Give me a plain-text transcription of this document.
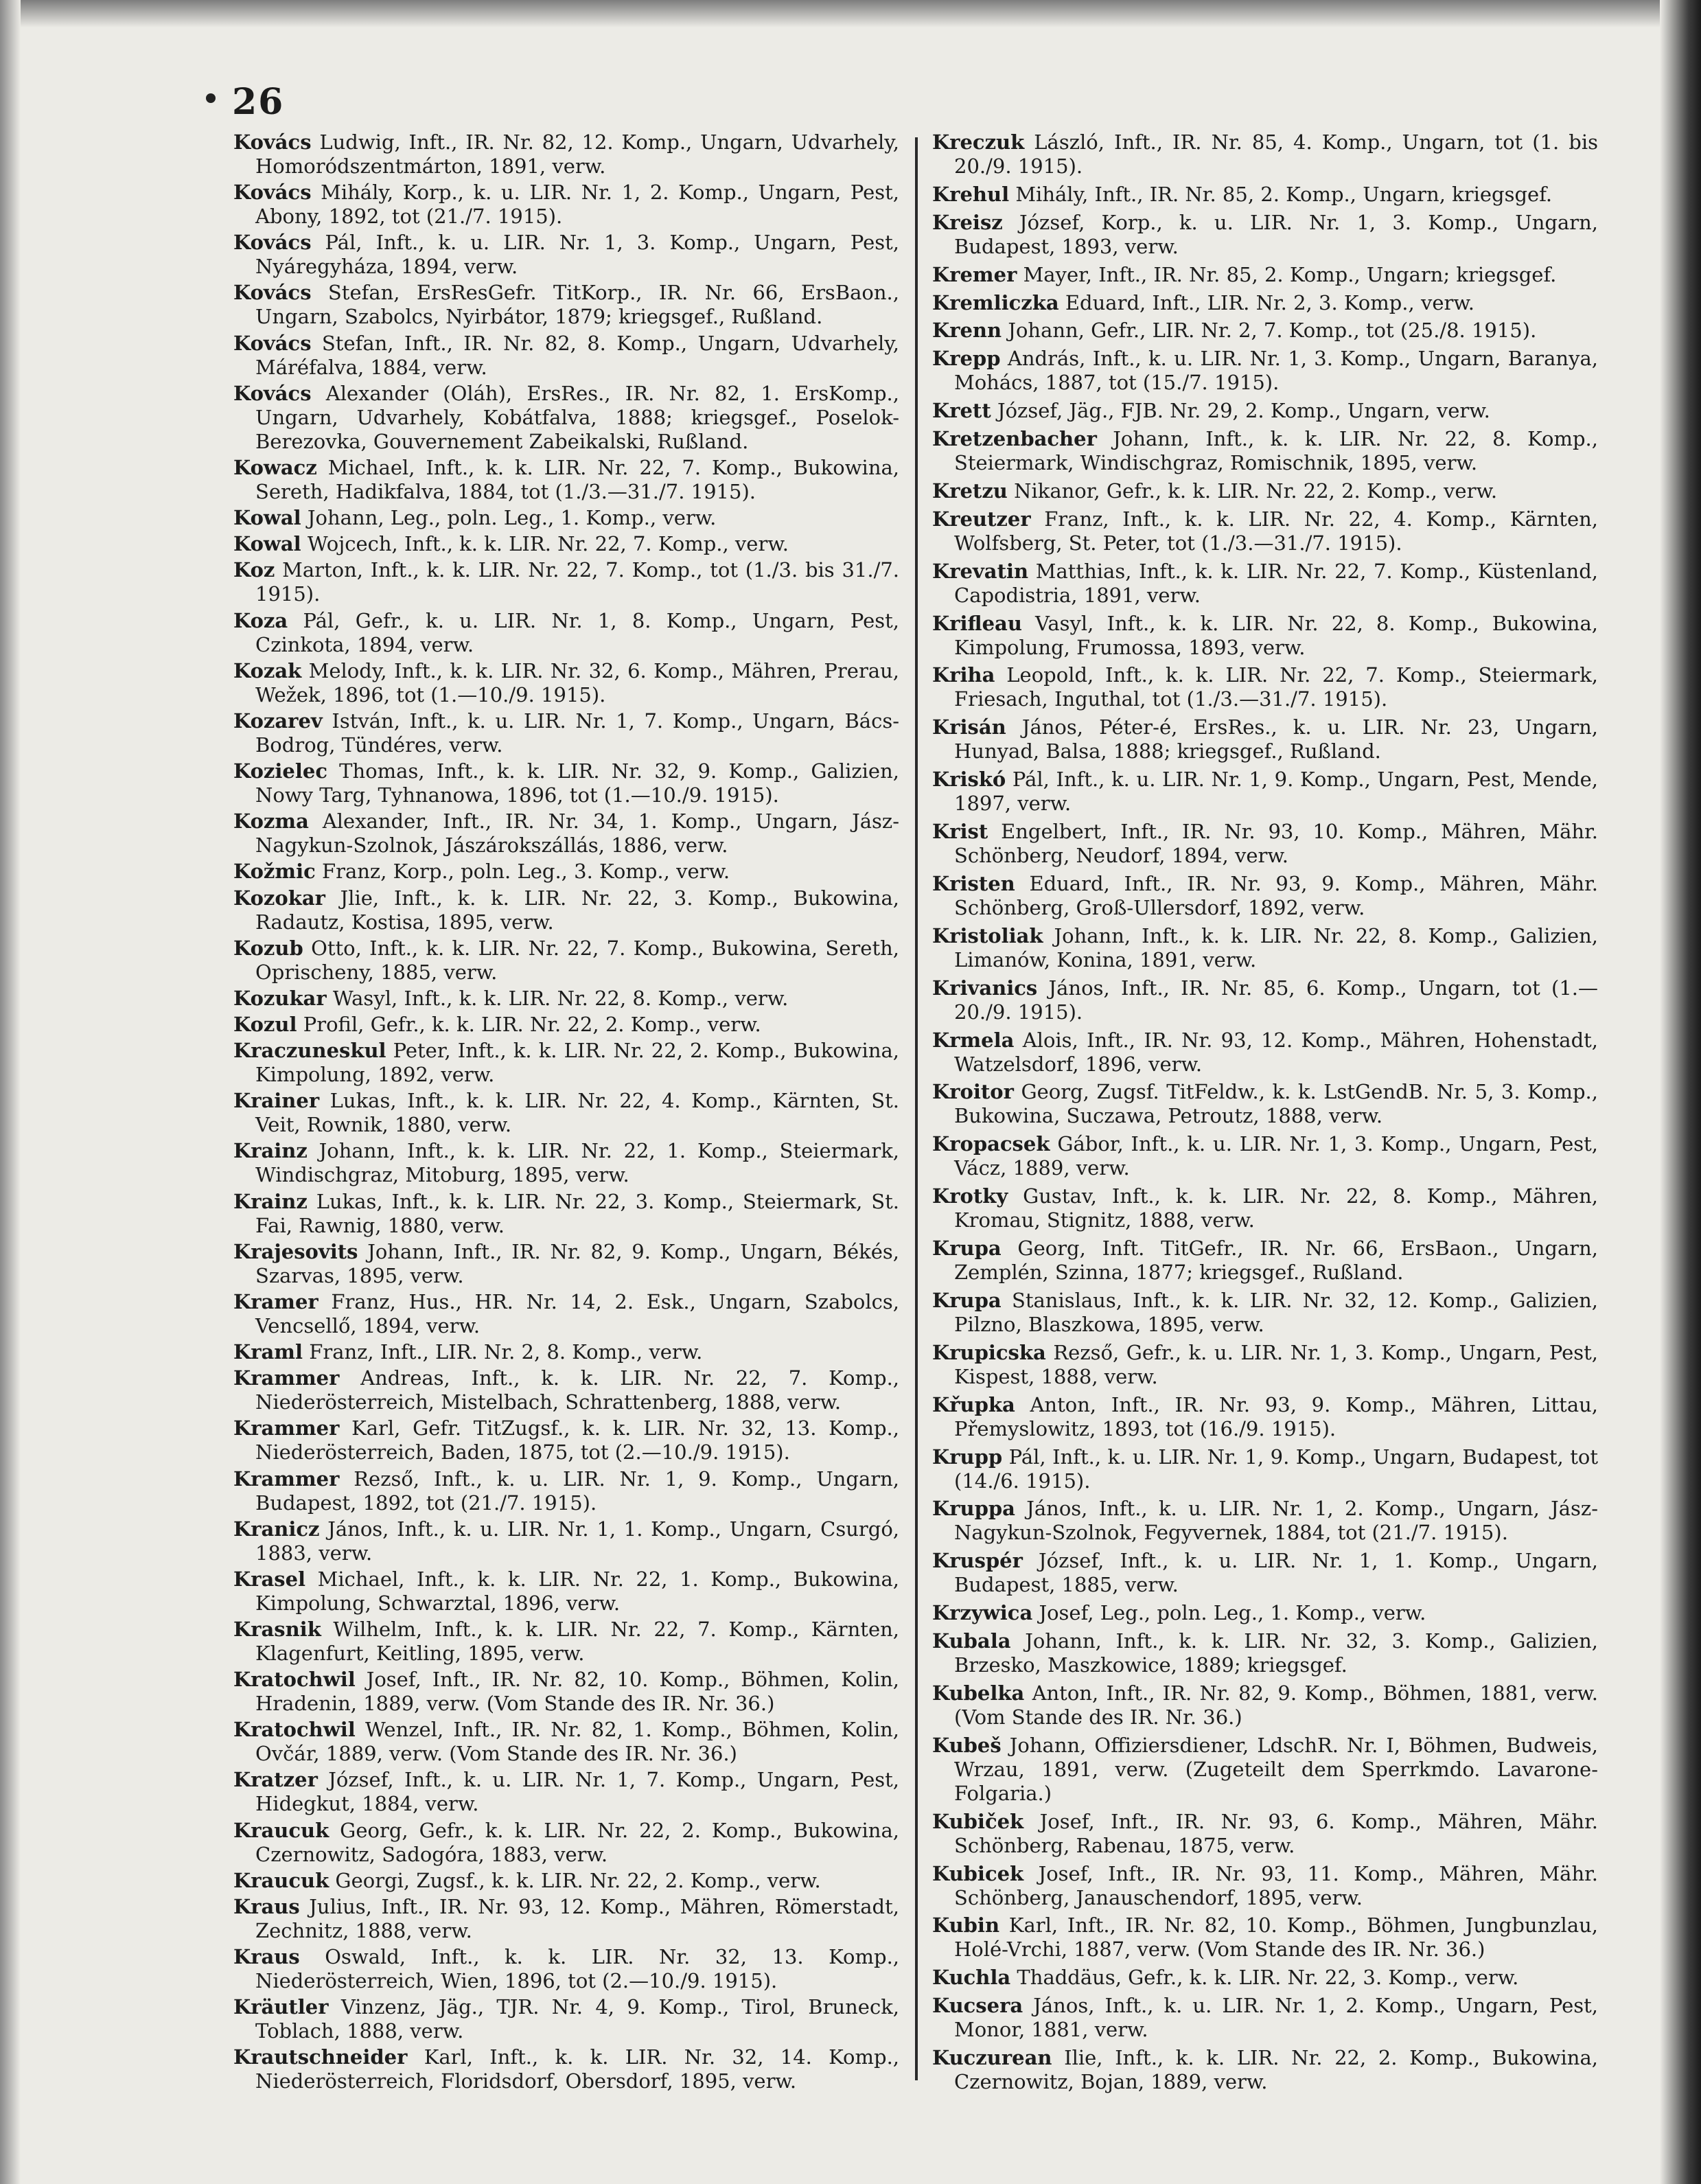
26
Kovács Ludwig, Inft., IR. Nr. 82, 12. Komp., Ungarn, Udvarhely, Homoródszentmárton, 1891, verw.
Kovács Mihály, Korp., k. u. LIR. Nr. 1, 2. Komp., Ungarn, Pest, Abony, 1892, tot (21./7. 1915).
Kovács Pál, Inft., k. u. LIR. Nr. 1, 3. Komp., Ungarn, Pest, Nyáregyháza, 1894, verw.
Kovács Stefan, ErsResGefr. TitKorp., IR. Nr. 66, ErsBaon., Ungarn, Szabolcs, Nyirbátor, 1879; kriegsgef., Rußland.
Kovács Stefan, Inft., IR. Nr. 82, 8. Komp., Ungarn, Udvarhely, Máréfalva, 1884, verw.
Kovács Alexander (Oláh), ErsRes., IR. Nr. 82, 1. ErsKomp., Ungarn, Udvarhely, Kobátfalva, 1888; kriegsgef., Poselok-Berezovka, Gouvernement Zabeikalski, Rußland.
Kowacz Michael, Inft., k. k. LIR. Nr. 22, 7. Komp., Bukowina, Sereth, Hadikfalva, 1884, tot (1./3.—31./7. 1915).
Kowal Johann, Leg., poln. Leg., 1. Komp., verw.
Kowal Wojcech, Inft., k. k. LIR. Nr. 22, 7. Komp., verw.
Koz Marton, Inft., k. k. LIR. Nr. 22, 7. Komp., tot (1./3. bis 31./7. 1915).
Koza Pál, Gefr., k. u. LIR. Nr. 1, 8. Komp., Ungarn, Pest, Czinkota, 1894, verw.
Kozak Melody, Inft., k. k. LIR. Nr. 32, 6. Komp., Mähren, Prerau, Wežek, 1896, tot (1.—10./9. 1915).
Kozarev István, Inft., k. u. LIR. Nr. 1, 7. Komp., Ungarn, Bács-Bodrog, Tündéres, verw.
Kozielec Thomas, Inft., k. k. LIR. Nr. 32, 9. Komp., Galizien, Nowy Targ, Tyhnanowa, 1896, tot (1.—10./9. 1915).
Kozma Alexander, Inft., IR. Nr. 34, 1. Komp., Ungarn, Jász-Nagykun-Szolnok, Jászárokszállás, 1886, verw.
Kožmic Franz, Korp., poln. Leg., 3. Komp., verw.
Kozokar Jlie, Inft., k. k. LIR. Nr. 22, 3. Komp., Bukowina, Radautz, Kostisa, 1895, verw.
Kozub Otto, Inft., k. k. LIR. Nr. 22, 7. Komp., Bukowina, Sereth, Oprischeny, 1885, verw.
Kozukar Wasyl, Inft., k. k. LIR. Nr. 22, 8. Komp., verw.
Kozul Profil, Gefr., k. k. LIR. Nr. 22, 2. Komp., verw.
Kraczuneskul Peter, Inft., k. k. LIR. Nr. 22, 2. Komp., Bukowina, Kimpolung, 1892, verw.
Krainer Lukas, Inft., k. k. LIR. Nr. 22, 4. Komp., Kärnten, St. Veit, Rownik, 1880, verw.
Krainz Johann, Inft., k. k. LIR. Nr. 22, 1. Komp., Steiermark, Windischgraz, Mitoburg, 1895, verw.
Krainz Lukas, Inft., k. k. LIR. Nr. 22, 3. Komp., Steiermark, St. Fai, Rawnig, 1880, verw.
Krajesovits Johann, Inft., IR. Nr. 82, 9. Komp., Ungarn, Békés, Szarvas, 1895, verw.
Kramer Franz, Hus., HR. Nr. 14, 2. Esk., Ungarn, Szabolcs, Vencsellő, 1894, verw.
Kraml Franz, Inft., LIR. Nr. 2, 8. Komp., verw.
Krammer Andreas, Inft., k. k. LIR. Nr. 22, 7. Komp., Niederösterreich, Mistelbach, Schrattenberg, 1888, verw.
Krammer Karl, Gefr. TitZugsf., k. k. LIR. Nr. 32, 13. Komp., Niederösterreich, Baden, 1875, tot (2.—10./9. 1915).
Krammer Rezső, Inft., k. u. LIR. Nr. 1, 9. Komp., Ungarn, Budapest, 1892, tot (21./7. 1915).
Kranicz János, Inft., k. u. LIR. Nr. 1, 1. Komp., Ungarn, Csurgó, 1883, verw.
Krasel Michael, Inft., k. k. LIR. Nr. 22, 1. Komp., Bukowina, Kimpolung, Schwarztal, 1896, verw.
Krasnik Wilhelm, Inft., k. k. LIR. Nr. 22, 7. Komp., Kärnten, Klagenfurt, Keitling, 1895, verw.
Kratochwil Josef, Inft., IR. Nr. 82, 10. Komp., Böhmen, Kolin, Hradenin, 1889, verw. (Vom Stande des IR. Nr. 36.)
Kratochwil Wenzel, Inft., IR. Nr. 82, 1. Komp., Böhmen, Kolin, Ovčár, 1889, verw. (Vom Stande des IR. Nr. 36.)
Kratzer József, Inft., k. u. LIR. Nr. 1, 7. Komp., Ungarn, Pest, Hidegkut, 1884, verw.
Kraucuk Georg, Gefr., k. k. LIR. Nr. 22, 2. Komp., Bukowina, Czernowitz, Sadogóra, 1883, verw.
Kraucuk Georgi, Zugsf., k. k. LIR. Nr. 22, 2. Komp., verw.
Kraus Julius, Inft., IR. Nr. 93, 12. Komp., Mähren, Römerstadt, Zechnitz, 1888, verw.
Kraus Oswald, Inft., k. k. LIR. Nr. 32, 13. Komp., Niederösterreich, Wien, 1896, tot (2.—10./9. 1915).
Kräutler Vinzenz, Jäg., TJR. Nr. 4, 9. Komp., Tirol, Bruneck, Toblach, 1888, verw.
Krautschneider Karl, Inft., k. k. LIR. Nr. 32, 14. Komp., Niederösterreich, Floridsdorf, Obersdorf, 1895, verw.
Kreczuk László, Inft., IR. Nr. 85, 4. Komp., Ungarn, tot (1. bis 20./9. 1915).
Krehul Mihály, Inft., IR. Nr. 85, 2. Komp., Ungarn, kriegsgef.
Kreisz József, Korp., k. u. LIR. Nr. 1, 3. Komp., Ungarn, Budapest, 1893, verw.
Kremer Mayer, Inft., IR. Nr. 85, 2. Komp., Ungarn; kriegsgef.
Kremliczka Eduard, Inft., LIR. Nr. 2, 3. Komp., verw.
Krenn Johann, Gefr., LIR. Nr. 2, 7. Komp., tot (25./8. 1915).
Krepp András, Inft., k. u. LIR. Nr. 1, 3. Komp., Ungarn, Baranya, Mohács, 1887, tot (15./7. 1915).
Krett József, Jäg., FJB. Nr. 29, 2. Komp., Ungarn, verw.
Kretzenbacher Johann, Inft., k. k. LIR. Nr. 22, 8. Komp., Steiermark, Windischgraz, Romischnik, 1895, verw.
Kretzu Nikanor, Gefr., k. k. LIR. Nr. 22, 2. Komp., verw.
Kreutzer Franz, Inft., k. k. LIR. Nr. 22, 4. Komp., Kärnten, Wolfsberg, St. Peter, tot (1./3.—31./7. 1915).
Krevatin Matthias, Inft., k. k. LIR. Nr. 22, 7. Komp., Küstenland, Capodistria, 1891, verw.
Krifleau Vasyl, Inft., k. k. LIR. Nr. 22, 8. Komp., Bukowina, Kimpolung, Frumossa, 1893, verw.
Kriha Leopold, Inft., k. k. LIR. Nr. 22, 7. Komp., Steiermark, Friesach, Inguthal, tot (1./3.—31./7. 1915).
Krisán János, Péter-é, ErsRes., k. u. LIR. Nr. 23, Ungarn, Hunyad, Balsa, 1888; kriegsgef., Rußland.
Kriskó Pál, Inft., k. u. LIR. Nr. 1, 9. Komp., Ungarn, Pest, Mende, 1897, verw.
Krist Engelbert, Inft., IR. Nr. 93, 10. Komp., Mähren, Mähr. Schönberg, Neudorf, 1894, verw.
Kristen Eduard, Inft., IR. Nr. 93, 9. Komp., Mähren, Mähr. Schönberg, Groß-Ullersdorf, 1892, verw.
Kristoliak Johann, Inft., k. k. LIR. Nr. 22, 8. Komp., Galizien, Limanów, Konina, 1891, verw.
Krivanics János, Inft., IR. Nr. 85, 6. Komp., Ungarn, tot (1.—20./9. 1915).
Krmela Alois, Inft., IR. Nr. 93, 12. Komp., Mähren, Hohenstadt, Watzelsdorf, 1896, verw.
Kroitor Georg, Zugsf. TitFeldw., k. k. LstGendB. Nr. 5, 3. Komp., Bukowina, Suczawa, Petroutz, 1888, verw.
Kropacsek Gábor, Inft., k. u. LIR. Nr. 1, 3. Komp., Ungarn, Pest, Vácz, 1889, verw.
Krotky Gustav, Inft., k. k. LIR. Nr. 22, 8. Komp., Mähren, Kromau, Stignitz, 1888, verw.
Krupa Georg, Inft. TitGefr., IR. Nr. 66, ErsBaon., Ungarn, Zemplén, Szinna, 1877; kriegsgef., Rußland.
Krupa Stanislaus, Inft., k. k. LIR. Nr. 32, 12. Komp., Galizien, Pilzno, Blaszkowa, 1895, verw.
Krupicska Rezső, Gefr., k. u. LIR. Nr. 1, 3. Komp., Ungarn, Pest, Kispest, 1888, verw.
Křupka Anton, Inft., IR. Nr. 93, 9. Komp., Mähren, Littau, Přemyslowitz, 1893, tot (16./9. 1915).
Krupp Pál, Inft., k. u. LIR. Nr. 1, 9. Komp., Ungarn, Budapest, tot (14./6. 1915).
Kruppa János, Inft., k. u. LIR. Nr. 1, 2. Komp., Ungarn, Jász-Nagykun-Szolnok, Fegyvernek, 1884, tot (21./7. 1915).
Kruspér József, Inft., k. u. LIR. Nr. 1, 1. Komp., Ungarn, Budapest, 1885, verw.
Krzywica Josef, Leg., poln. Leg., 1. Komp., verw.
Kubala Johann, Inft., k. k. LIR. Nr. 32, 3. Komp., Galizien, Brzesko, Maszkowice, 1889; kriegsgef.
Kubelka Anton, Inft., IR. Nr. 82, 9. Komp., Böhmen, 1881, verw. (Vom Stande des IR. Nr. 36.)
Kubeš Johann, Offiziersdiener, LdschR. Nr. I, Böhmen, Budweis, Wrzau, 1891, verw. (Zugeteilt dem Sperrkmdo. Lavarone-Folgaria.)
Kubiček Josef, Inft., IR. Nr. 93, 6. Komp., Mähren, Mähr. Schönberg, Rabenau, 1875, verw.
Kubicek Josef, Inft., IR. Nr. 93, 11. Komp., Mähren, Mähr. Schönberg, Janauschendorf, 1895, verw.
Kubin Karl, Inft., IR. Nr. 82, 10. Komp., Böhmen, Jungbunzlau, Holé-Vrchi, 1887, verw. (Vom Stande des IR. Nr. 36.)
Kuchla Thaddäus, Gefr., k. k. LIR. Nr. 22, 3. Komp., verw.
Kucsera János, Inft., k. u. LIR. Nr. 1, 2. Komp., Ungarn, Pest, Monor, 1881, verw.
Kuczurean Ilie, Inft., k. k. LIR. Nr. 22, 2. Komp., Bukowina, Czernowitz, Bojan, 1889, verw.
